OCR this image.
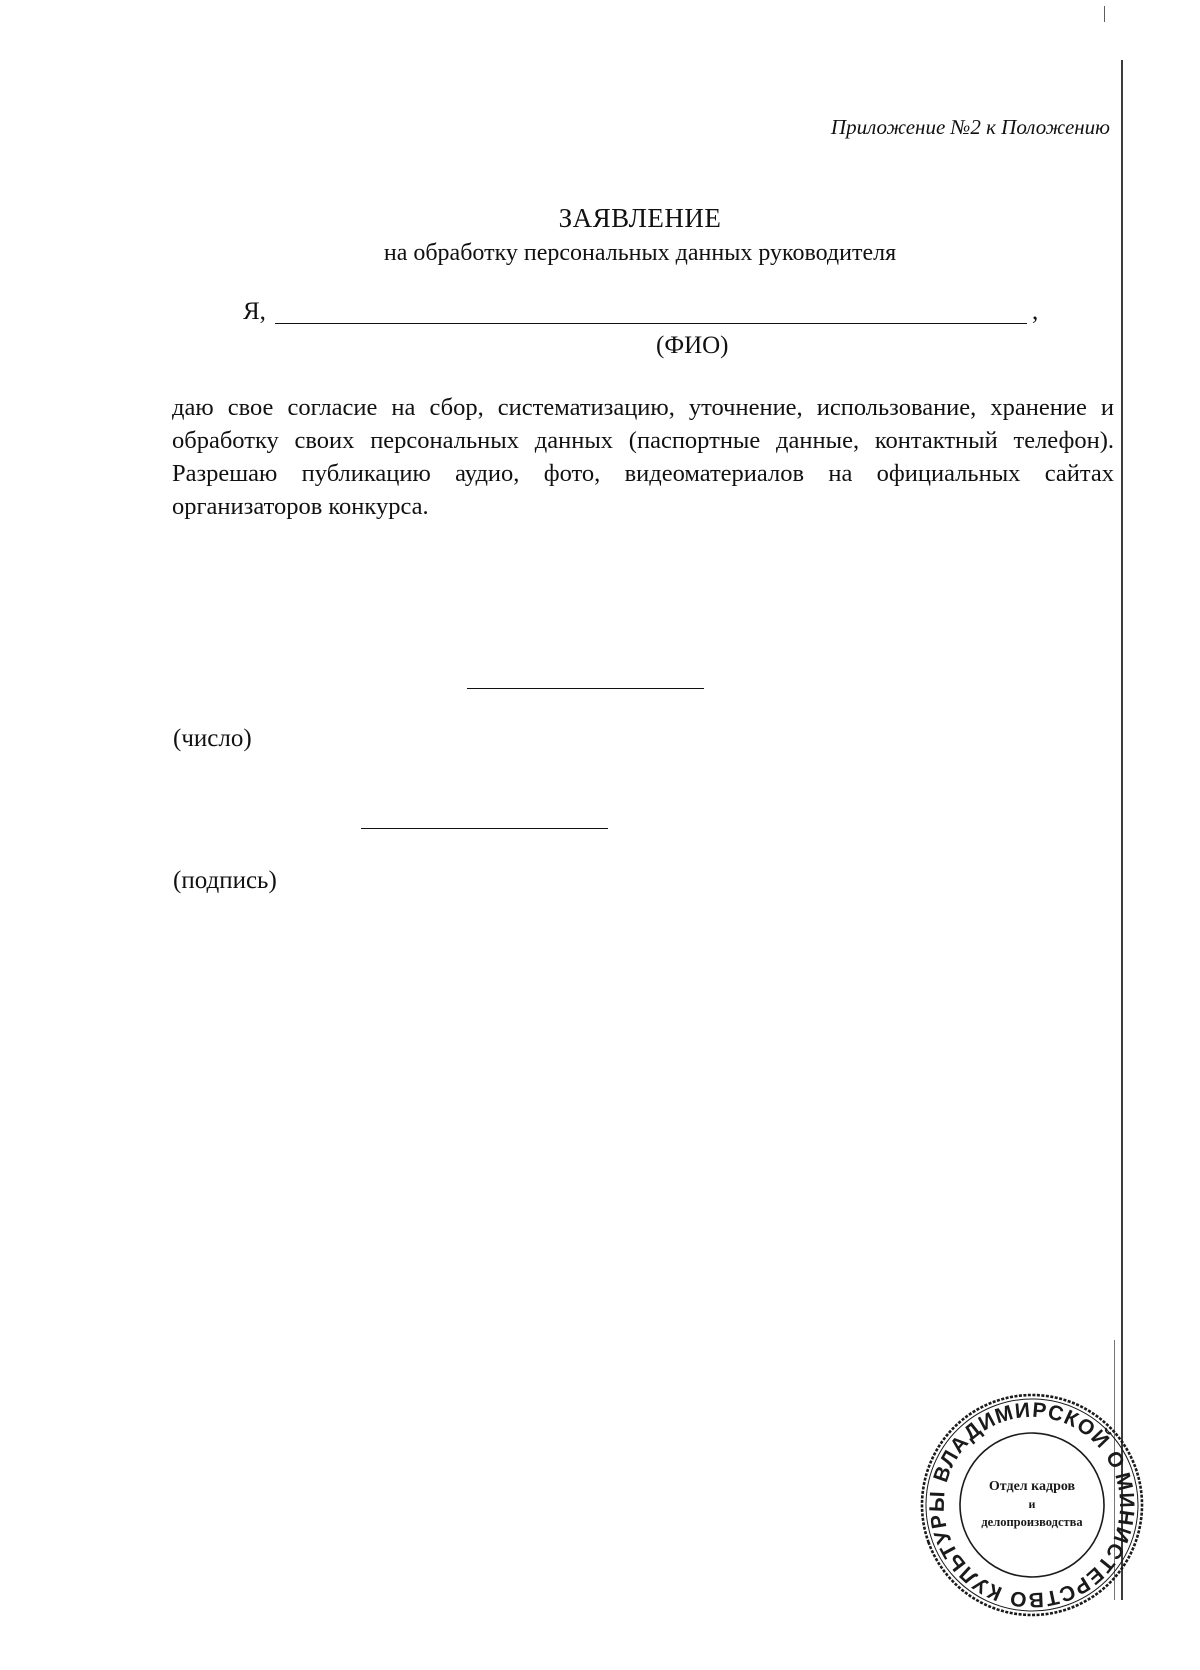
Приложение №2 к Положению
ЗАЯВЛЕНИЕ
на обработку персональных данных руководителя
Я,	,
(ФИО)
даю свое согласие на сбор, систематизацию, уточнение, использование, хранение и обработку своих персональных данных (паспортные данные, контактный телефон). Разрешаю публикацию аудио, фото, видеоматериалов на официальных сайтах организаторов конкурса.
(число)
(подпись)
МИНИСТЕРСТВО КУЛЬТУРЫ ВЛАДИМИРСКОЙ ОБЛАСТИ
Отдел кадров
и
делопроизводства
